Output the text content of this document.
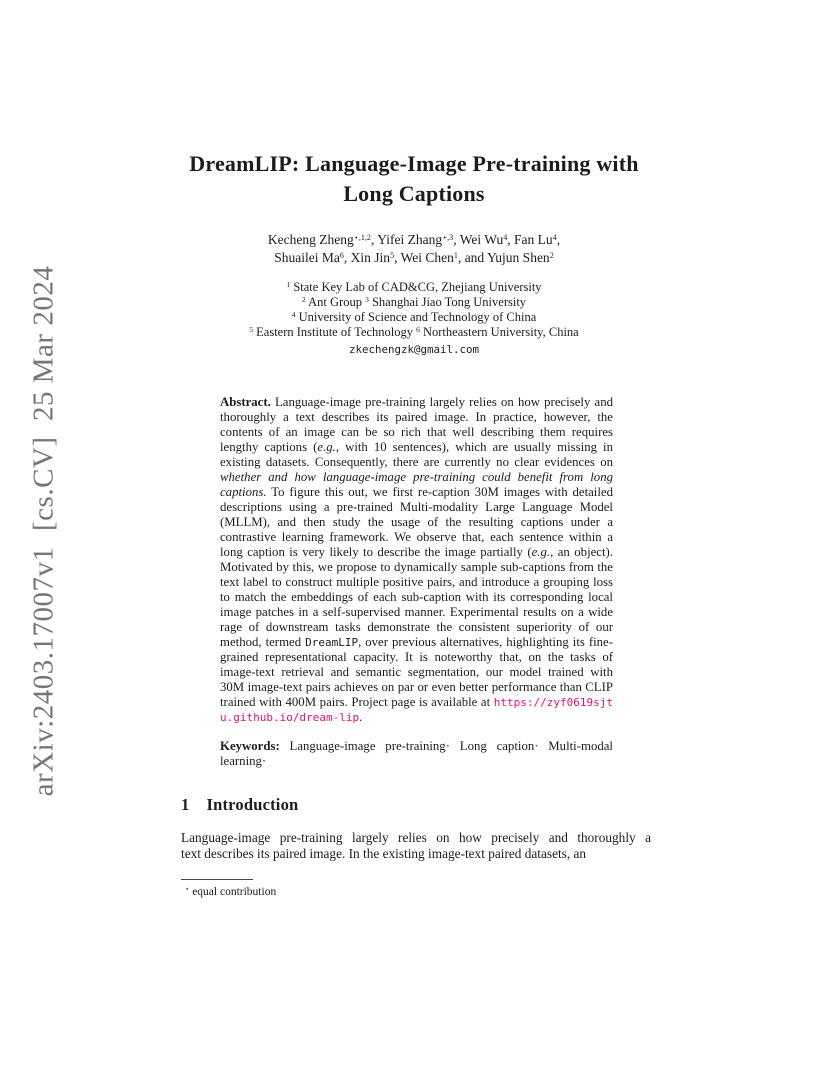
arXiv:2403.17007v1  [cs.CV]  25 Mar 2024
DreamLIP: Language-Image Pre-training with
Long Captions
Kecheng Zheng$^{⋆,1,2}$, Yifei Zhang$^{⋆,3}$, Wei Wu$^4$, Fan Lu$^4$,
Shuailei Ma$^6$, Xin Jin$^5$, Wei Chen$^1$, and Yujun Shen$^2$
$^1$ State Key Lab of CAD&CG, Zhejiang University
$^2$ Ant Group $^3$ Shanghai Jiao Tong University
$^4$ University of Science and Technology of China
$^5$ Eastern Institute of Technology $^6$ Northeastern University, China
zkechengzk@gmail.com
Abstract. Language-image pre-training largely relies on how precisely and thoroughly a text describes its paired image. In practice, however, the contents of an image can be so rich that well describing them requires lengthy captions (e.g., with 10 sentences), which are usually missing in existing datasets. Consequently, there are currently no clear evidences on whether and how language-image pre-training could benefit from long captions. To figure this out, we first re-caption 30M images with detailed descriptions using a pre-trained Multi-modality Large Language Model (MLLM), and then study the usage of the resulting captions under a contrastive learning framework. We observe that, each sentence within a long caption is very likely to describe the image partially (e.g., an object). Motivated by this, we propose to dynamically sample sub-captions from the text label to construct multiple positive pairs, and introduce a grouping loss to match the embeddings of each sub-caption with its corresponding local image patches in a self-supervised manner. Experimental results on a wide rage of downstream tasks demonstrate the consistent superiority of our method, termed DreamLIP, over previous alternatives, highlighting its fine-grained representational capacity. It is noteworthy that, on the tasks of image-text retrieval and semantic segmentation, our model trained with 30M image-text pairs achieves on par or even better performance than CLIP trained with 400M pairs. Project page is available at https://zyf0619sjtu.github.io/dream-lip.
Keywords: Language-image pre-training· Long caption· Multi-modal learning·
1 Introduction
Language-image pre-training largely relies on how precisely and thoroughly a
text describes its paired image. In the existing image-text paired datasets, an
⋆ equal contribution
